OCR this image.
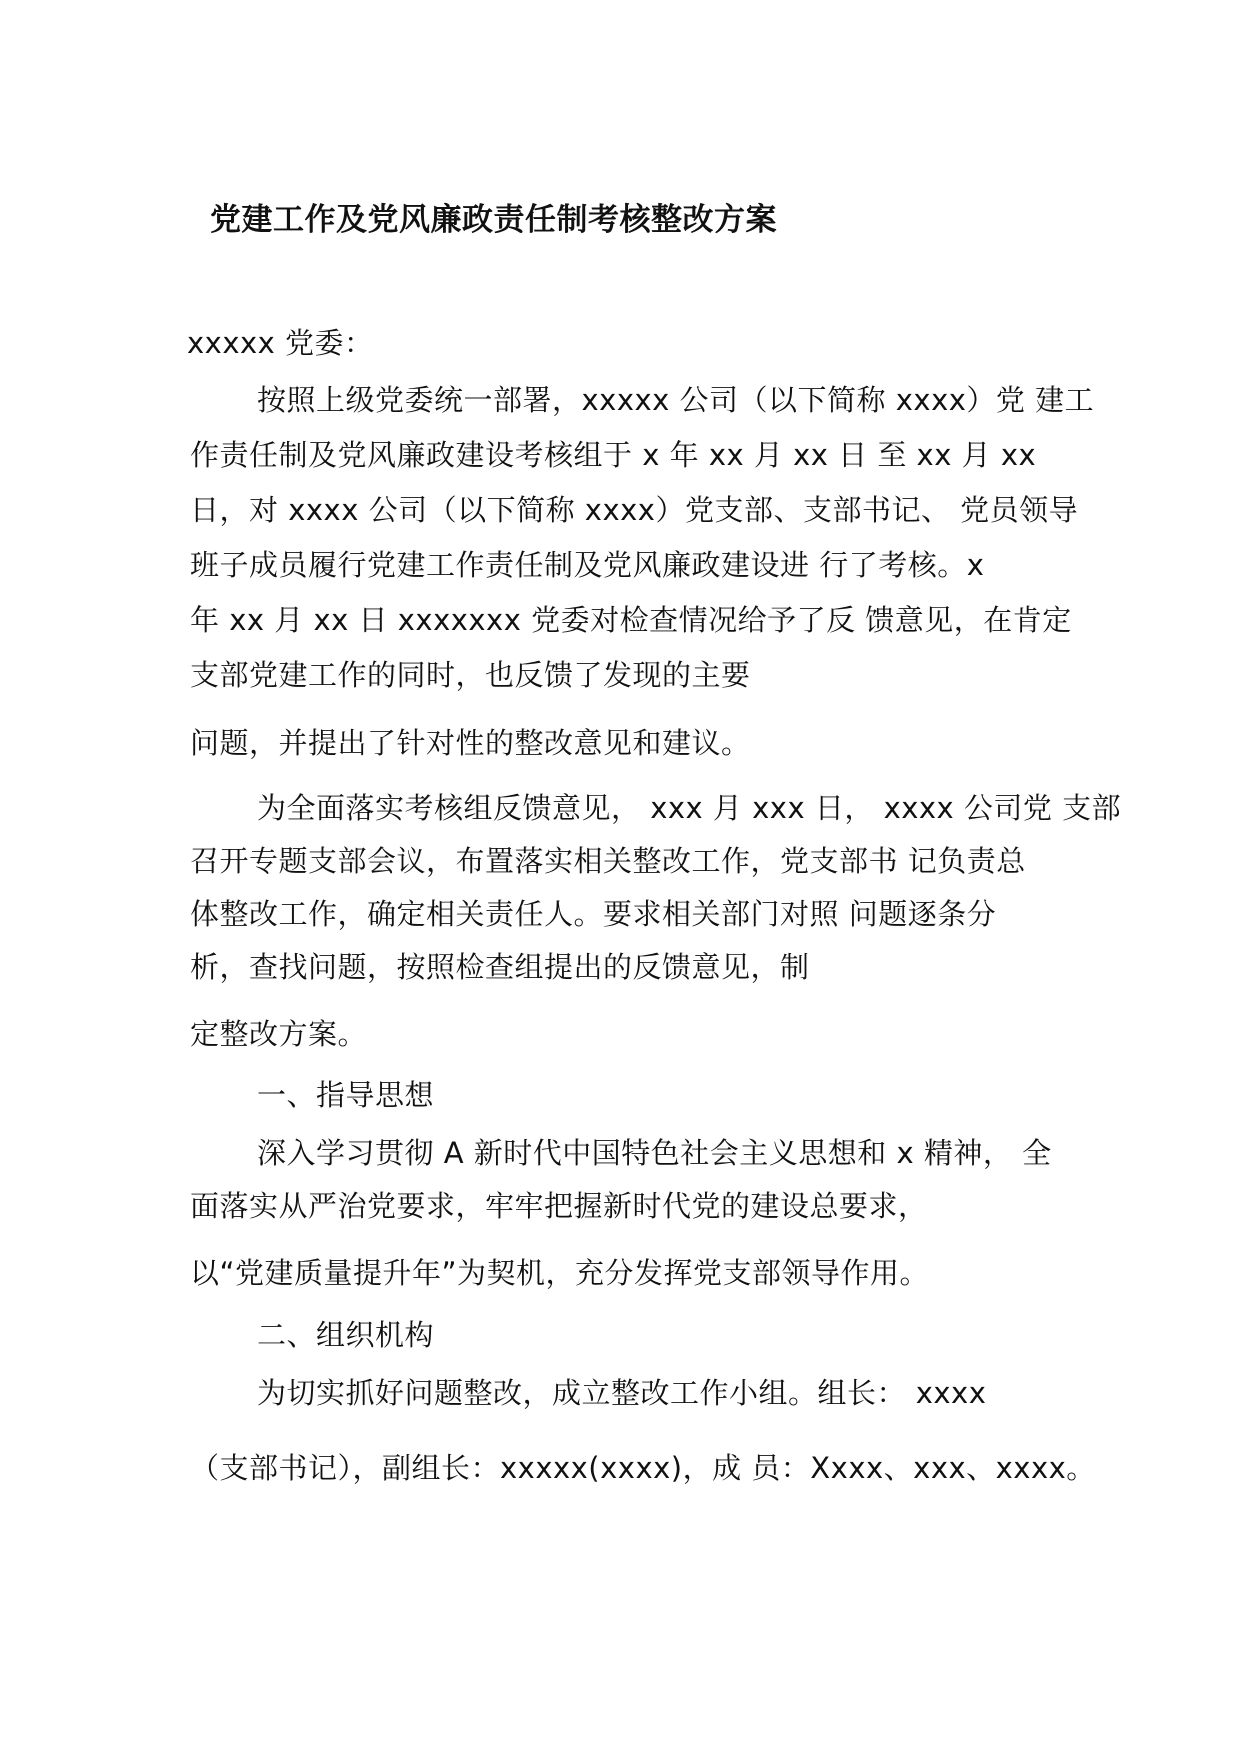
党建工作及党风廉政责任制考核整改方案
xxxxx 党委：
按照上级党委统一部署，xxxxx 公司（以下简称 xxxx）党 建工
作责任制及党风廉政建设考核组于 x 年 xx 月 xx 日 至 xx 月 xx
日，对 xxxx 公司（以下简称 xxxx）党支部、支部书记、 党员领导
班子成员履行党建工作责任制及党风廉政建设进 行了考核。x
年 xx 月 xx 日 xxxxxxx 党委对检查情况给予了反 馈意见，在肯定
支部党建工作的同时，也反馈了发现的主要
问题，并提出了针对性的整改意见和建议。
为全面落实考核组反馈意见， xxx 月 xxx 日， xxxx 公司党 支部
召开专题支部会议，布置落实相关整改工作，党支部书 记负责总
体整改工作，确定相关责任人。要求相关部门对照 问题逐条分
析，查找问题，按照检查组提出的反馈意见，制
定整改方案。
一、指导思想
深入学习贯彻 A 新时代中国特色社会主义思想和 x 精神， 全
面落实从严治党要求，牢牢把握新时代党的建设总要求，
以“党建质量提升年”为契机，充分发挥党支部领导作用。
二、组织机构
为切实抓好问题整改，成立整改工作小组。组长： xxxx
（支部书记），副组长：xxxxx(xxxx)，成 员：Xxxx、xxx、xxxx。
